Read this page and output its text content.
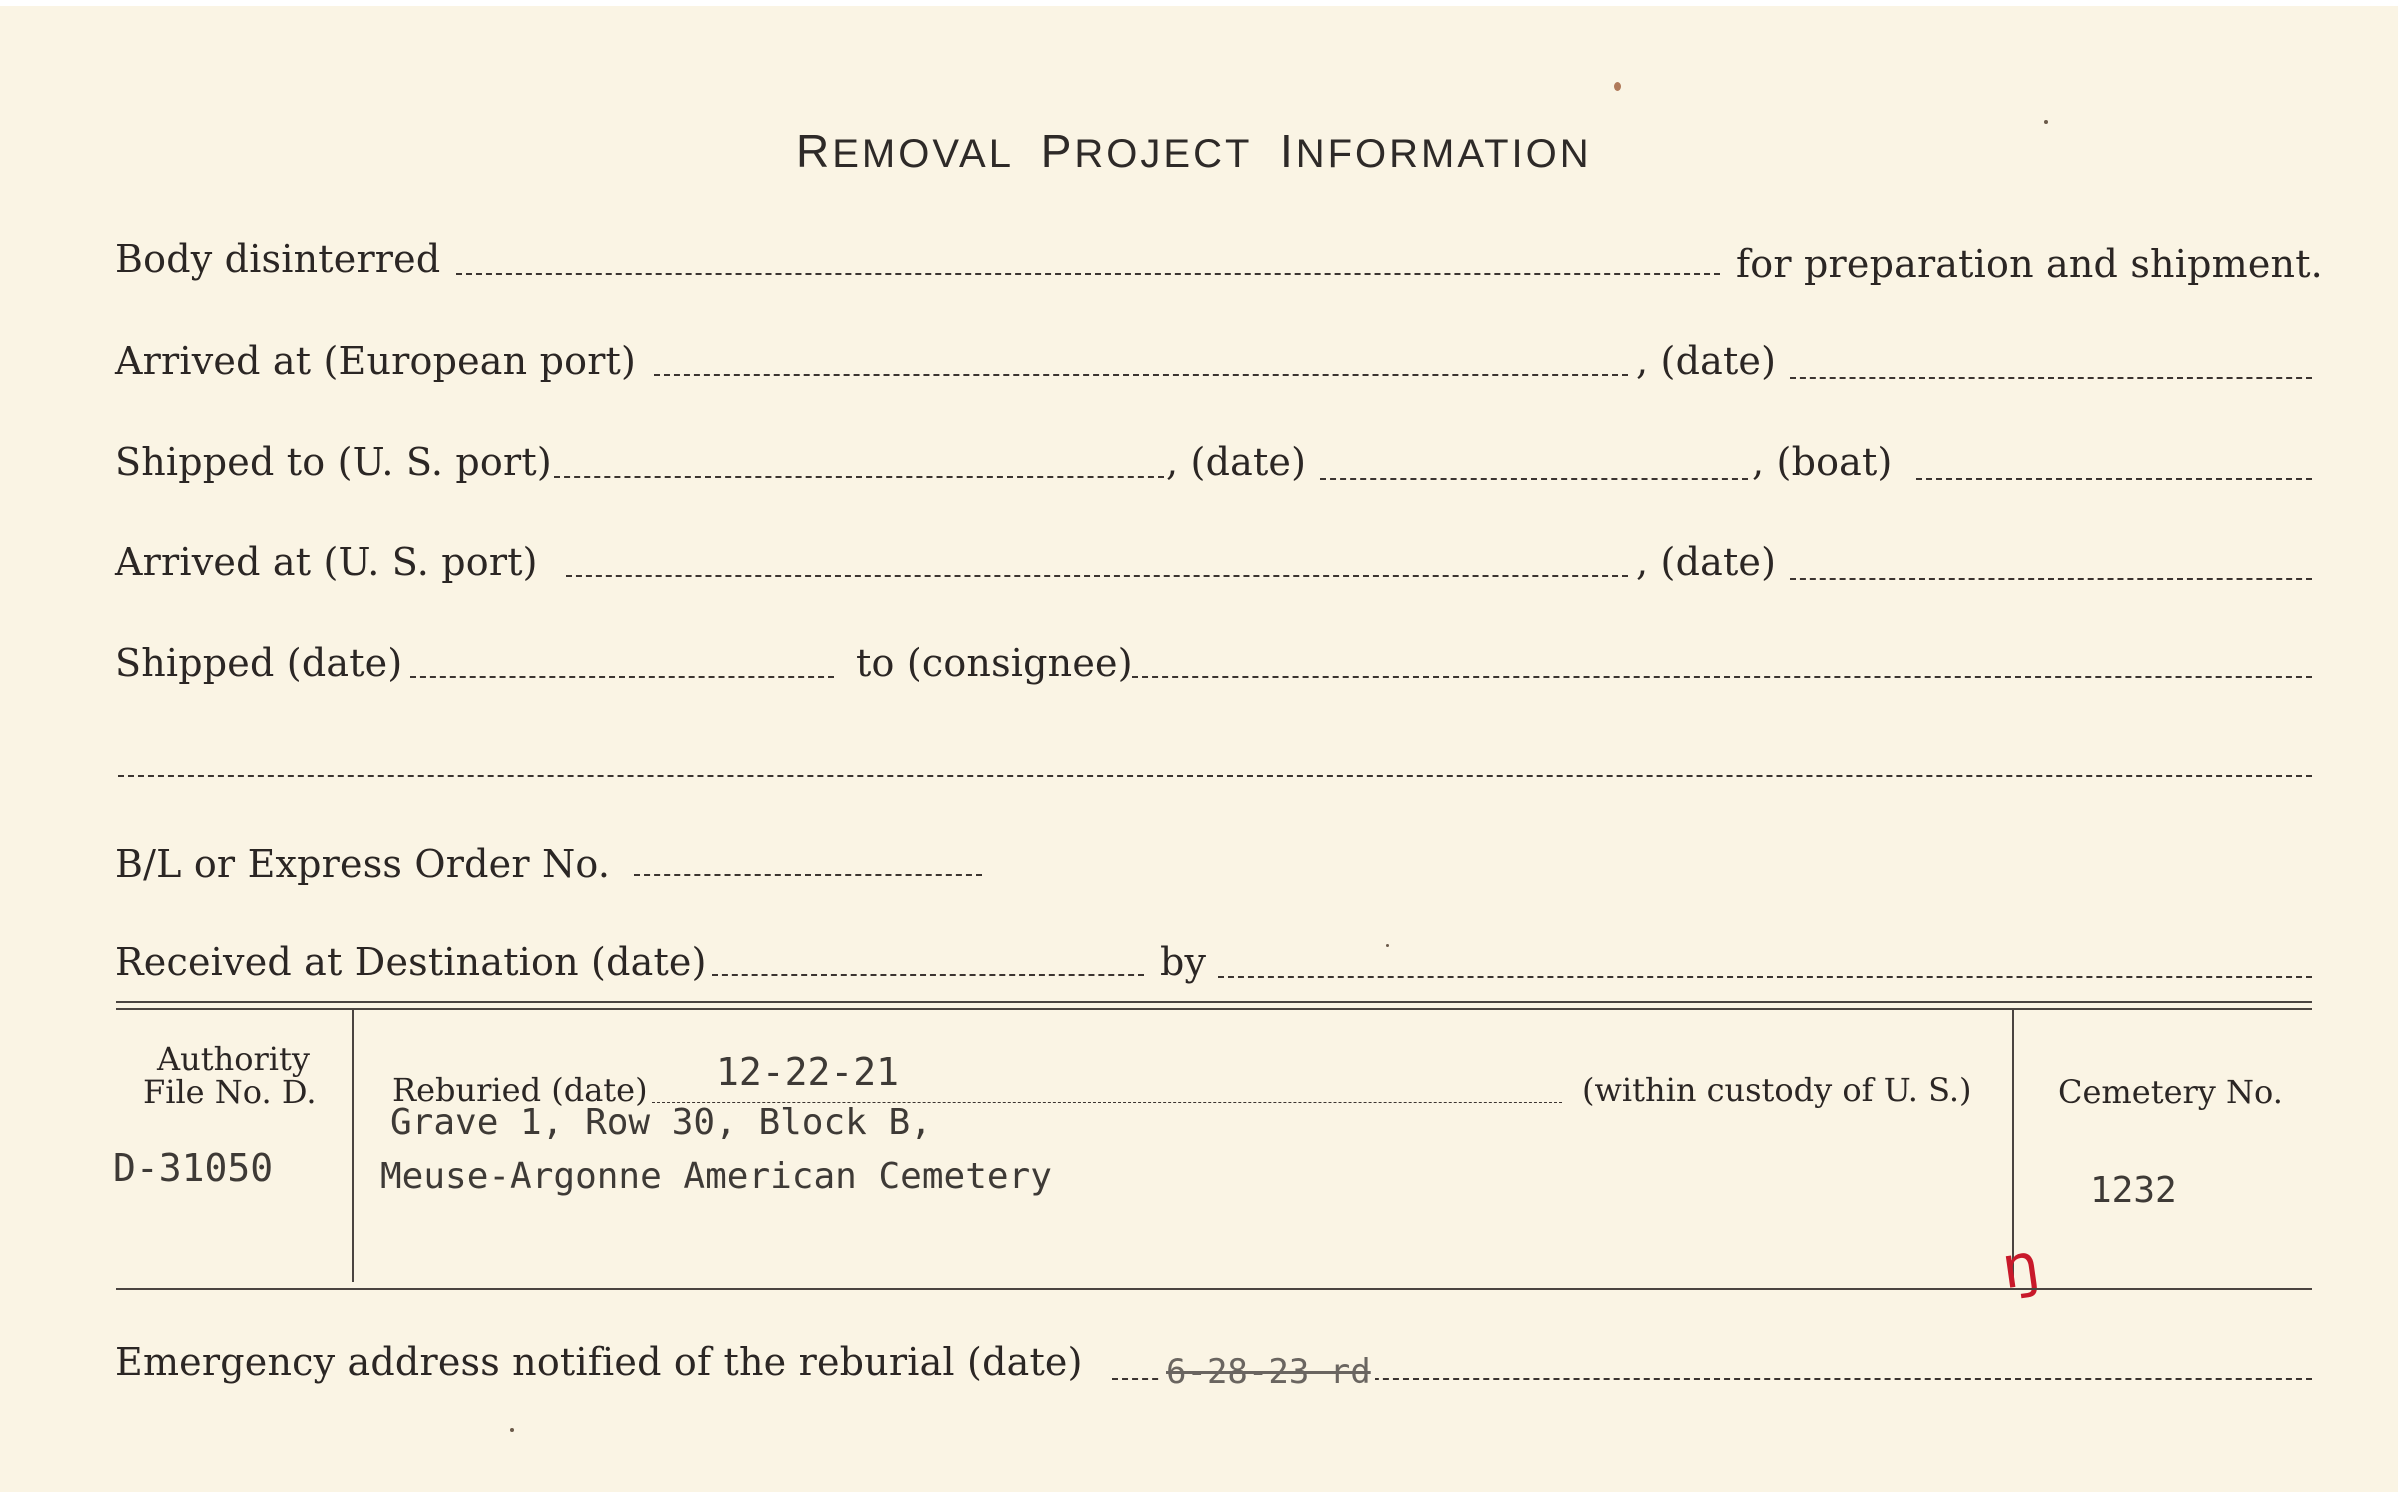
REMOVAL PROJECT INFORMATION
Body disinterred	for preparation and shipment.
Arrived at (European port)	, (date)
Shipped to (U. S. port)	, (date)	, (boat)
Arrived at (U. S. port)	, (date)
Shipped (date)	to (consignee)
B/L or Express Order No.
Received at Destination (date)	by
Authority
File No. D.
D-31050
Reburied (date) 12-22-21	(within custody of U. S.)
Grave 1, Row 30, Block B,
Meuse-Argonne American Cemetery
Cemetery No.
1232
ŋ
Emergency address notified of the reburial (date) 6-28-23 rd
